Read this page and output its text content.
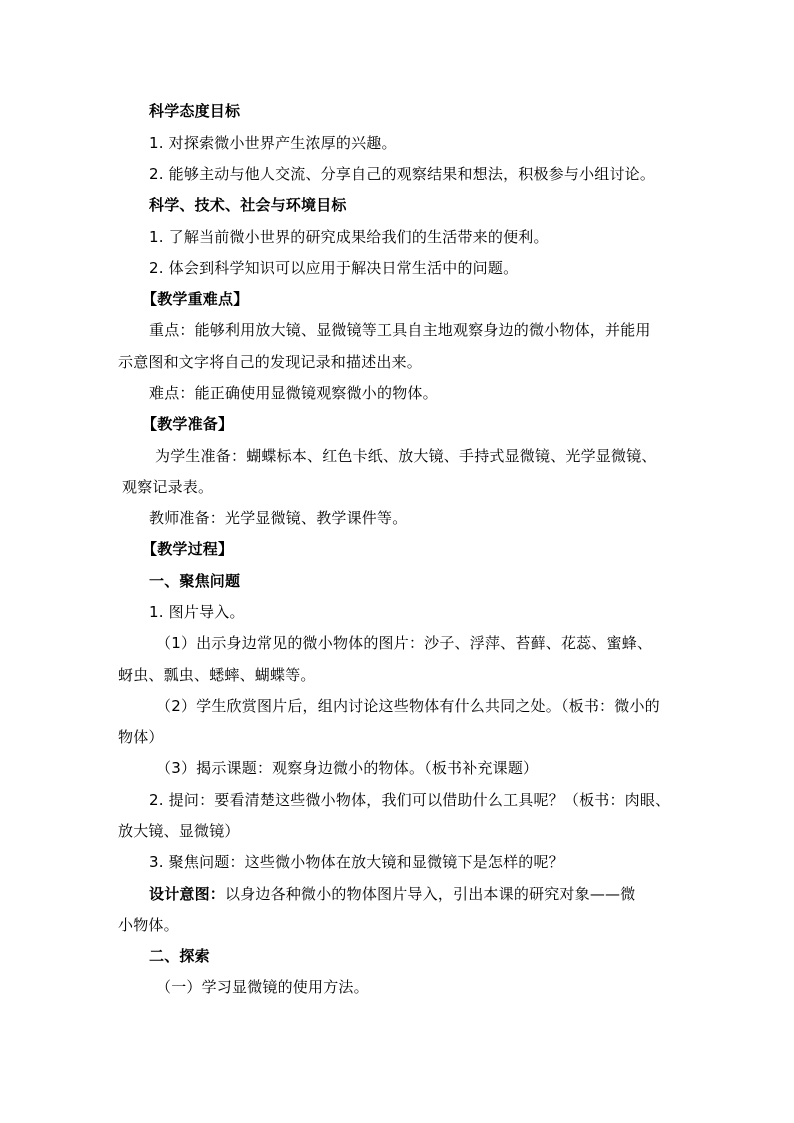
科学态度目标
1. 对探索微小世界产生浓厚的兴趣。
2. 能够主动与他人交流、分享自己的观察结果和想法，积极参与小组讨论。
科学、技术、社会与环境目标
1. 了解当前微小世界的研究成果给我们的生活带来的便利。
2. 体会到科学知识可以应用于解决日常生活中的问题。
【教学重难点】
重点：能够利用放大镜、显微镜等工具自主地观察身边的微小物体，并能用
示意图和文字将自己的发现记录和描述出来。
难点：能正确使用显微镜观察微小的物体。
【教学准备】
为学生准备：蝴蝶标本、红色卡纸、放大镜、手持式显微镜、光学显微镜、
观察记录表。
教师准备：光学显微镜、教学课件等。
【教学过程】
一、聚焦问题
1. 图片导入。
（1）出示身边常见的微小物体的图片：沙子、浮萍、苔藓、花蕊、蜜蜂、
蚜虫、瓢虫、蟋蟀、蝴蝶等。
（2）学生欣赏图片后，组内讨论这些物体有什么共同之处。（板书：微小的
物体）
（3）揭示课题：观察身边微小的物体。（板书补充课题）
2. 提问：要看清楚这些微小物体，我们可以借助什么工具呢？（板书：肉眼、
放大镜、显微镜）
3. 聚焦问题：这些微小物体在放大镜和显微镜下是怎样的呢？
设计意图：以身边各种微小的物体图片导入，引出本课的研究对象——微
小物体。
二、探索
（一）学习显微镜的使用方法。
